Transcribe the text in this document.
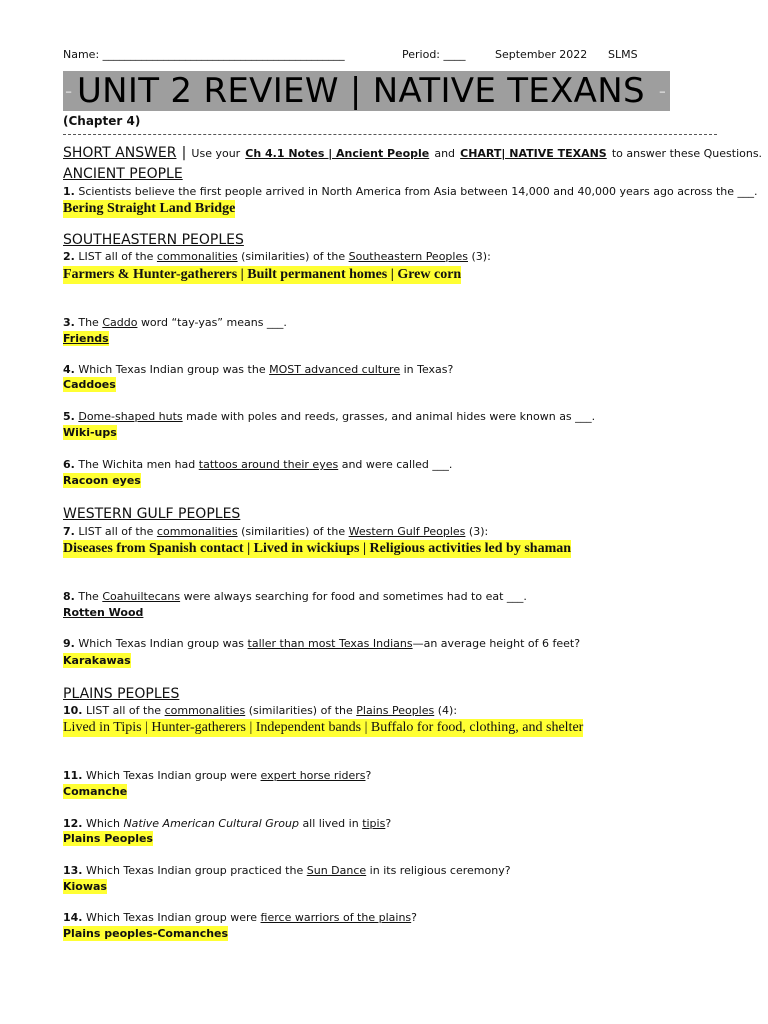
Name: ____________________________________________	Period: ____	September 2022 SLMS
- UNIT 2 REVIEW | NATIVE TEXANS -
(Chapter 4)
SHORT ANSWER | Use your Ch 4.1 Notes | Ancient People and CHART| NATIVE TEXANS to answer these Questions.
ANCIENT PEOPLE
1. Scientists believe the first people arrived in North America from Asia between 14,000 and 40,000 years ago across the ___.
Bering Straight Land Bridge
SOUTHEASTERN PEOPLES
2. LIST all of the commonalities (similarities) of the Southeastern Peoples (3):
Farmers & Hunter-gatherers | Built permanent homes | Grew corn
3. The Caddo word “tay-yas” means ___.
Friends
4. Which Texas Indian group was the MOST advanced culture in Texas?
Caddoes
5. Dome-shaped huts made with poles and reeds, grasses, and animal hides were known as ___.
Wiki-ups
6. The Wichita men had tattoos around their eyes and were called ___.
Racoon eyes
WESTERN GULF PEOPLES
7. LIST all of the commonalities (similarities) of the Western Gulf Peoples (3):
Diseases from Spanish contact | Lived in wickiups | Religious activities led by shaman
8. The Coahuiltecans were always searching for food and sometimes had to eat ___.
Rotten Wood
9. Which Texas Indian group was taller than most Texas Indians—an average height of 6 feet?
Karakawas
PLAINS PEOPLES
10. LIST all of the commonalities (similarities) of the Plains Peoples (4):
Lived in Tipis | Hunter-gatherers | Independent bands | Buffalo for food, clothing, and shelter
11. Which Texas Indian group were expert horse riders?
Comanche
12. Which Native American Cultural Group all lived in tipis?
Plains Peoples
13. Which Texas Indian group practiced the Sun Dance in its religious ceremony?
Kiowas
14. Which Texas Indian group were fierce warriors of the plains?
Plains peoples-Comanches
